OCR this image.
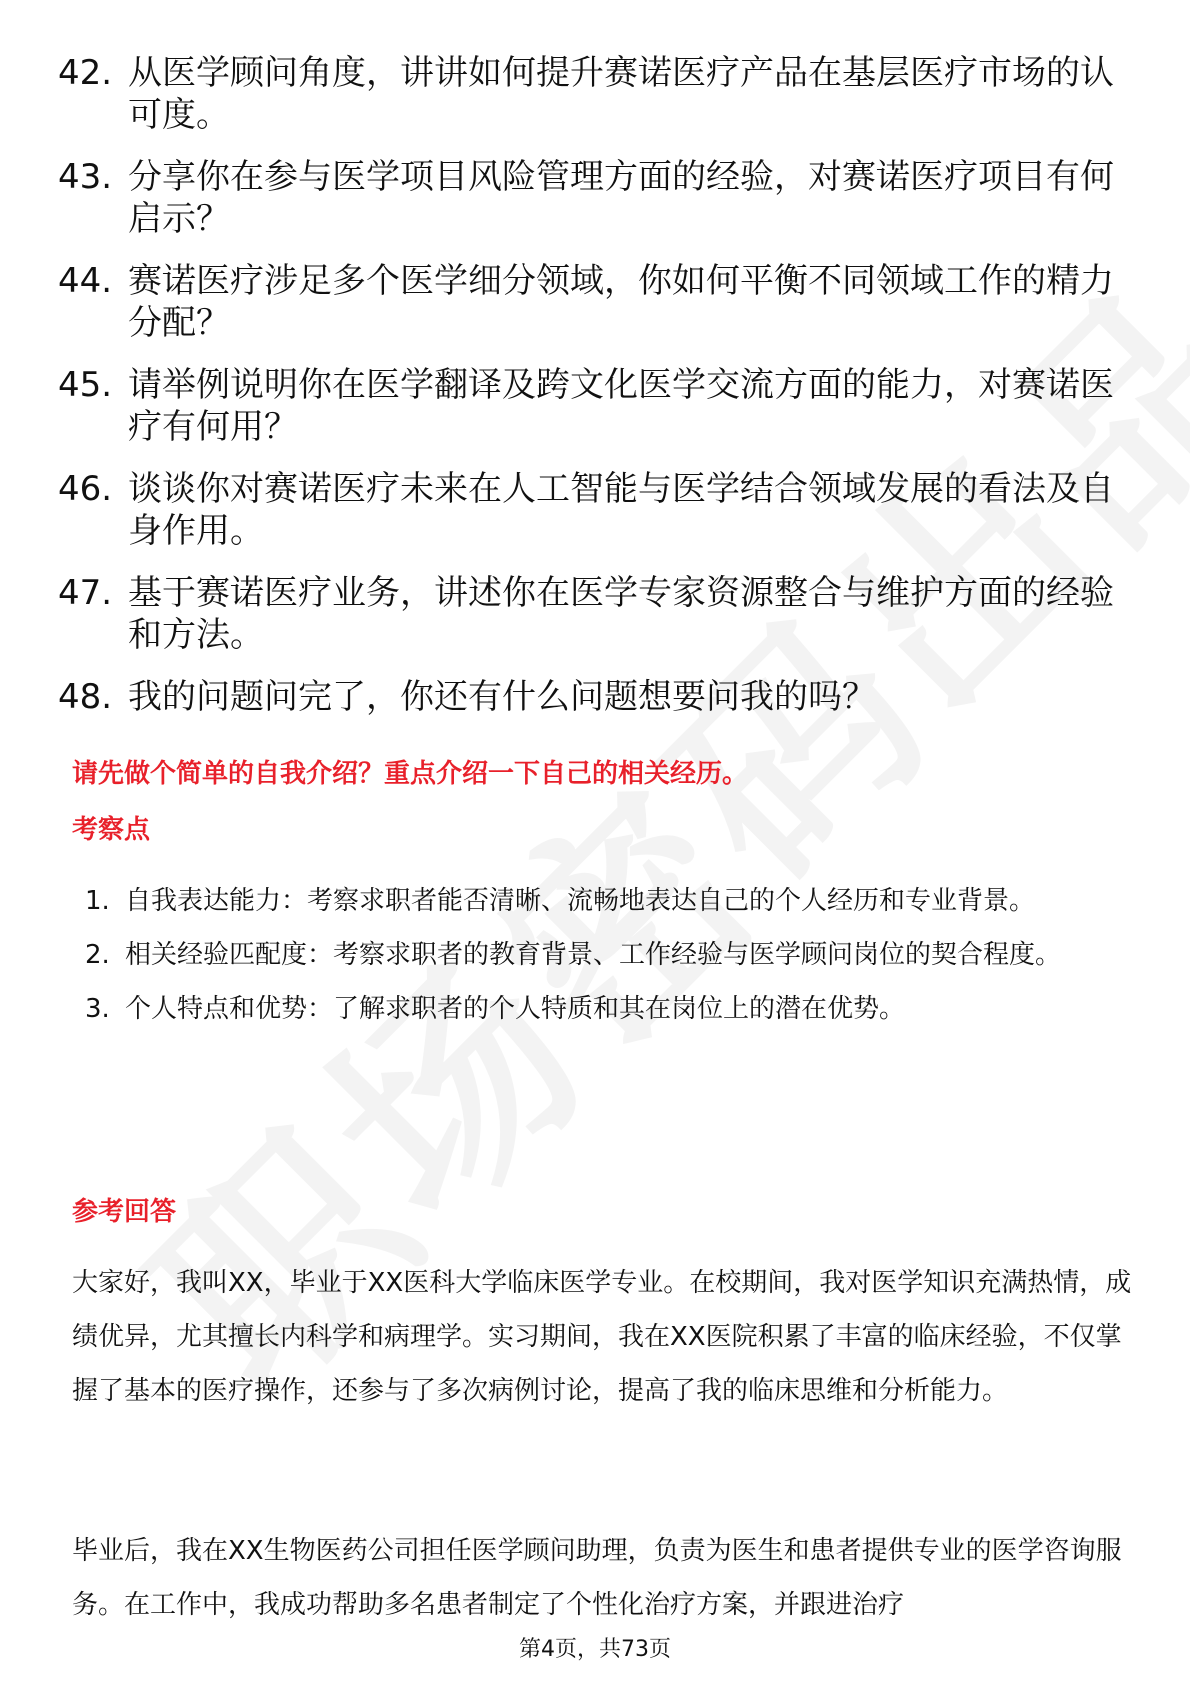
42. 从医学顾问角度，讲讲如何提升赛诺医疗产品在基层医疗市场的认可度。
43. 分享你在参与医学项目风险管理方面的经验，对赛诺医疗项目有何启示？
44. 赛诺医疗涉足多个医学细分领域，你如何平衡不同领域工作的精力分配？
45. 请举例说明你在医学翻译及跨文化医学交流方面的能力，对赛诺医疗有何用？
46. 谈谈你对赛诺医疗未来在人工智能与医学结合领域发展的看法及自身作用。
47. 基于赛诺医疗业务，讲述你在医学专家资源整合与维护方面的经验和方法。
48. 我的问题问完了，你还有什么问题想要问我的吗？
请先做个简单的自我介绍？重点介绍一下自己的相关经历。
考察点
1. 自我表达能力：考察求职者能否清晰、流畅地表达自己的个人经历和专业背景。
2. 相关经验匹配度：考察求职者的教育背景、工作经验与医学顾问岗位的契合程度。
3. 个人特点和优势：了解求职者的个人特质和其在岗位上的潜在优势。
参考回答
大家好，我叫XX，毕业于XX医科大学临床医学专业。在校期间，我对医学知识充满热情，成绩优异，尤其擅长内科学和病理学。实习期间，我在XX医院积累了丰富的临床经验，不仅掌握了基本的医疗操作，还参与了多次病例讨论，提高了我的临床思维和分析能力。
毕业后，我在XX生物医药公司担任医学顾问助理，负责为医生和患者提供专业的医学咨询服务。在工作中，我成功帮助多名患者制定了个性化治疗方案，并跟进治疗
第4页，共73页
